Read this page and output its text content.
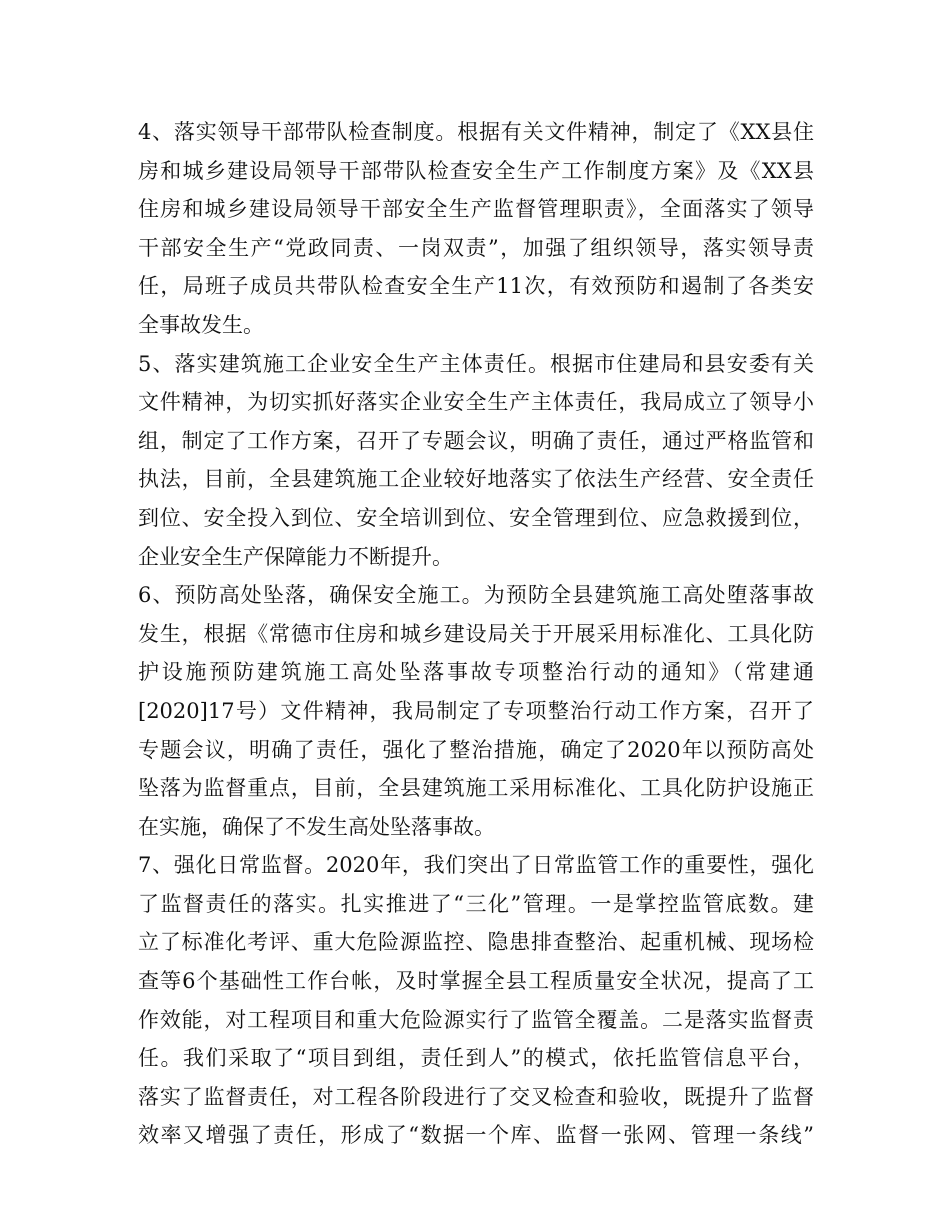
4、落实领导干部带队检查制度。根据有关文件精神，制定了《XX县住
房和城乡建设局领导干部带队检查安全生产工作制度方案》及《XX县
住房和城乡建设局领导干部安全生产监督管理职责》，全面落实了领导
干部安全生产“党政同责、一岗双责”，加强了组织领导，落实领导责
任，局班子成员共带队检查安全生产11次，有效预防和遏制了各类安
全事故发生。
5、落实建筑施工企业安全生产主体责任。根据市住建局和县安委有关
文件精神，为切实抓好落实企业安全生产主体责任，我局成立了领导小
组，制定了工作方案，召开了专题会议，明确了责任，通过严格监管和
执法，目前，全县建筑施工企业较好地落实了依法生产经营、安全责任
到位、安全投入到位、安全培训到位、安全管理到位、应急救援到位，
企业安全生产保障能力不断提升。
6、预防高处坠落，确保安全施工。为预防全县建筑施工高处堕落事故
发生，根据《常德市住房和城乡建设局关于开展采用标准化、工具化防
护设施预防建筑施工高处坠落事故专项整治行动的通知》（常建通
[2020]17号）文件精神，我局制定了专项整治行动工作方案，召开了
专题会议，明确了责任，强化了整治措施，确定了2020年以预防高处
坠落为监督重点，目前，全县建筑施工采用标准化、工具化防护设施正
在实施，确保了不发生高处坠落事故。
7、强化日常监督。2020年，我们突出了日常监管工作的重要性，强化
了监督责任的落实。扎实推进了“三化”管理。一是掌控监管底数。建
立了标准化考评、重大危险源监控、隐患排查整治、起重机械、现场检
查等6个基础性工作台帐，及时掌握全县工程质量安全状况，提高了工
作效能，对工程项目和重大危险源实行了监管全覆盖。二是落实监督责
任。我们采取了“项目到组，责任到人”的模式，依托监管信息平台，
落实了监督责任，对工程各阶段进行了交叉检查和验收，既提升了监督
效率又增强了责任，形成了“数据一个库、监督一张网、管理一条线”
